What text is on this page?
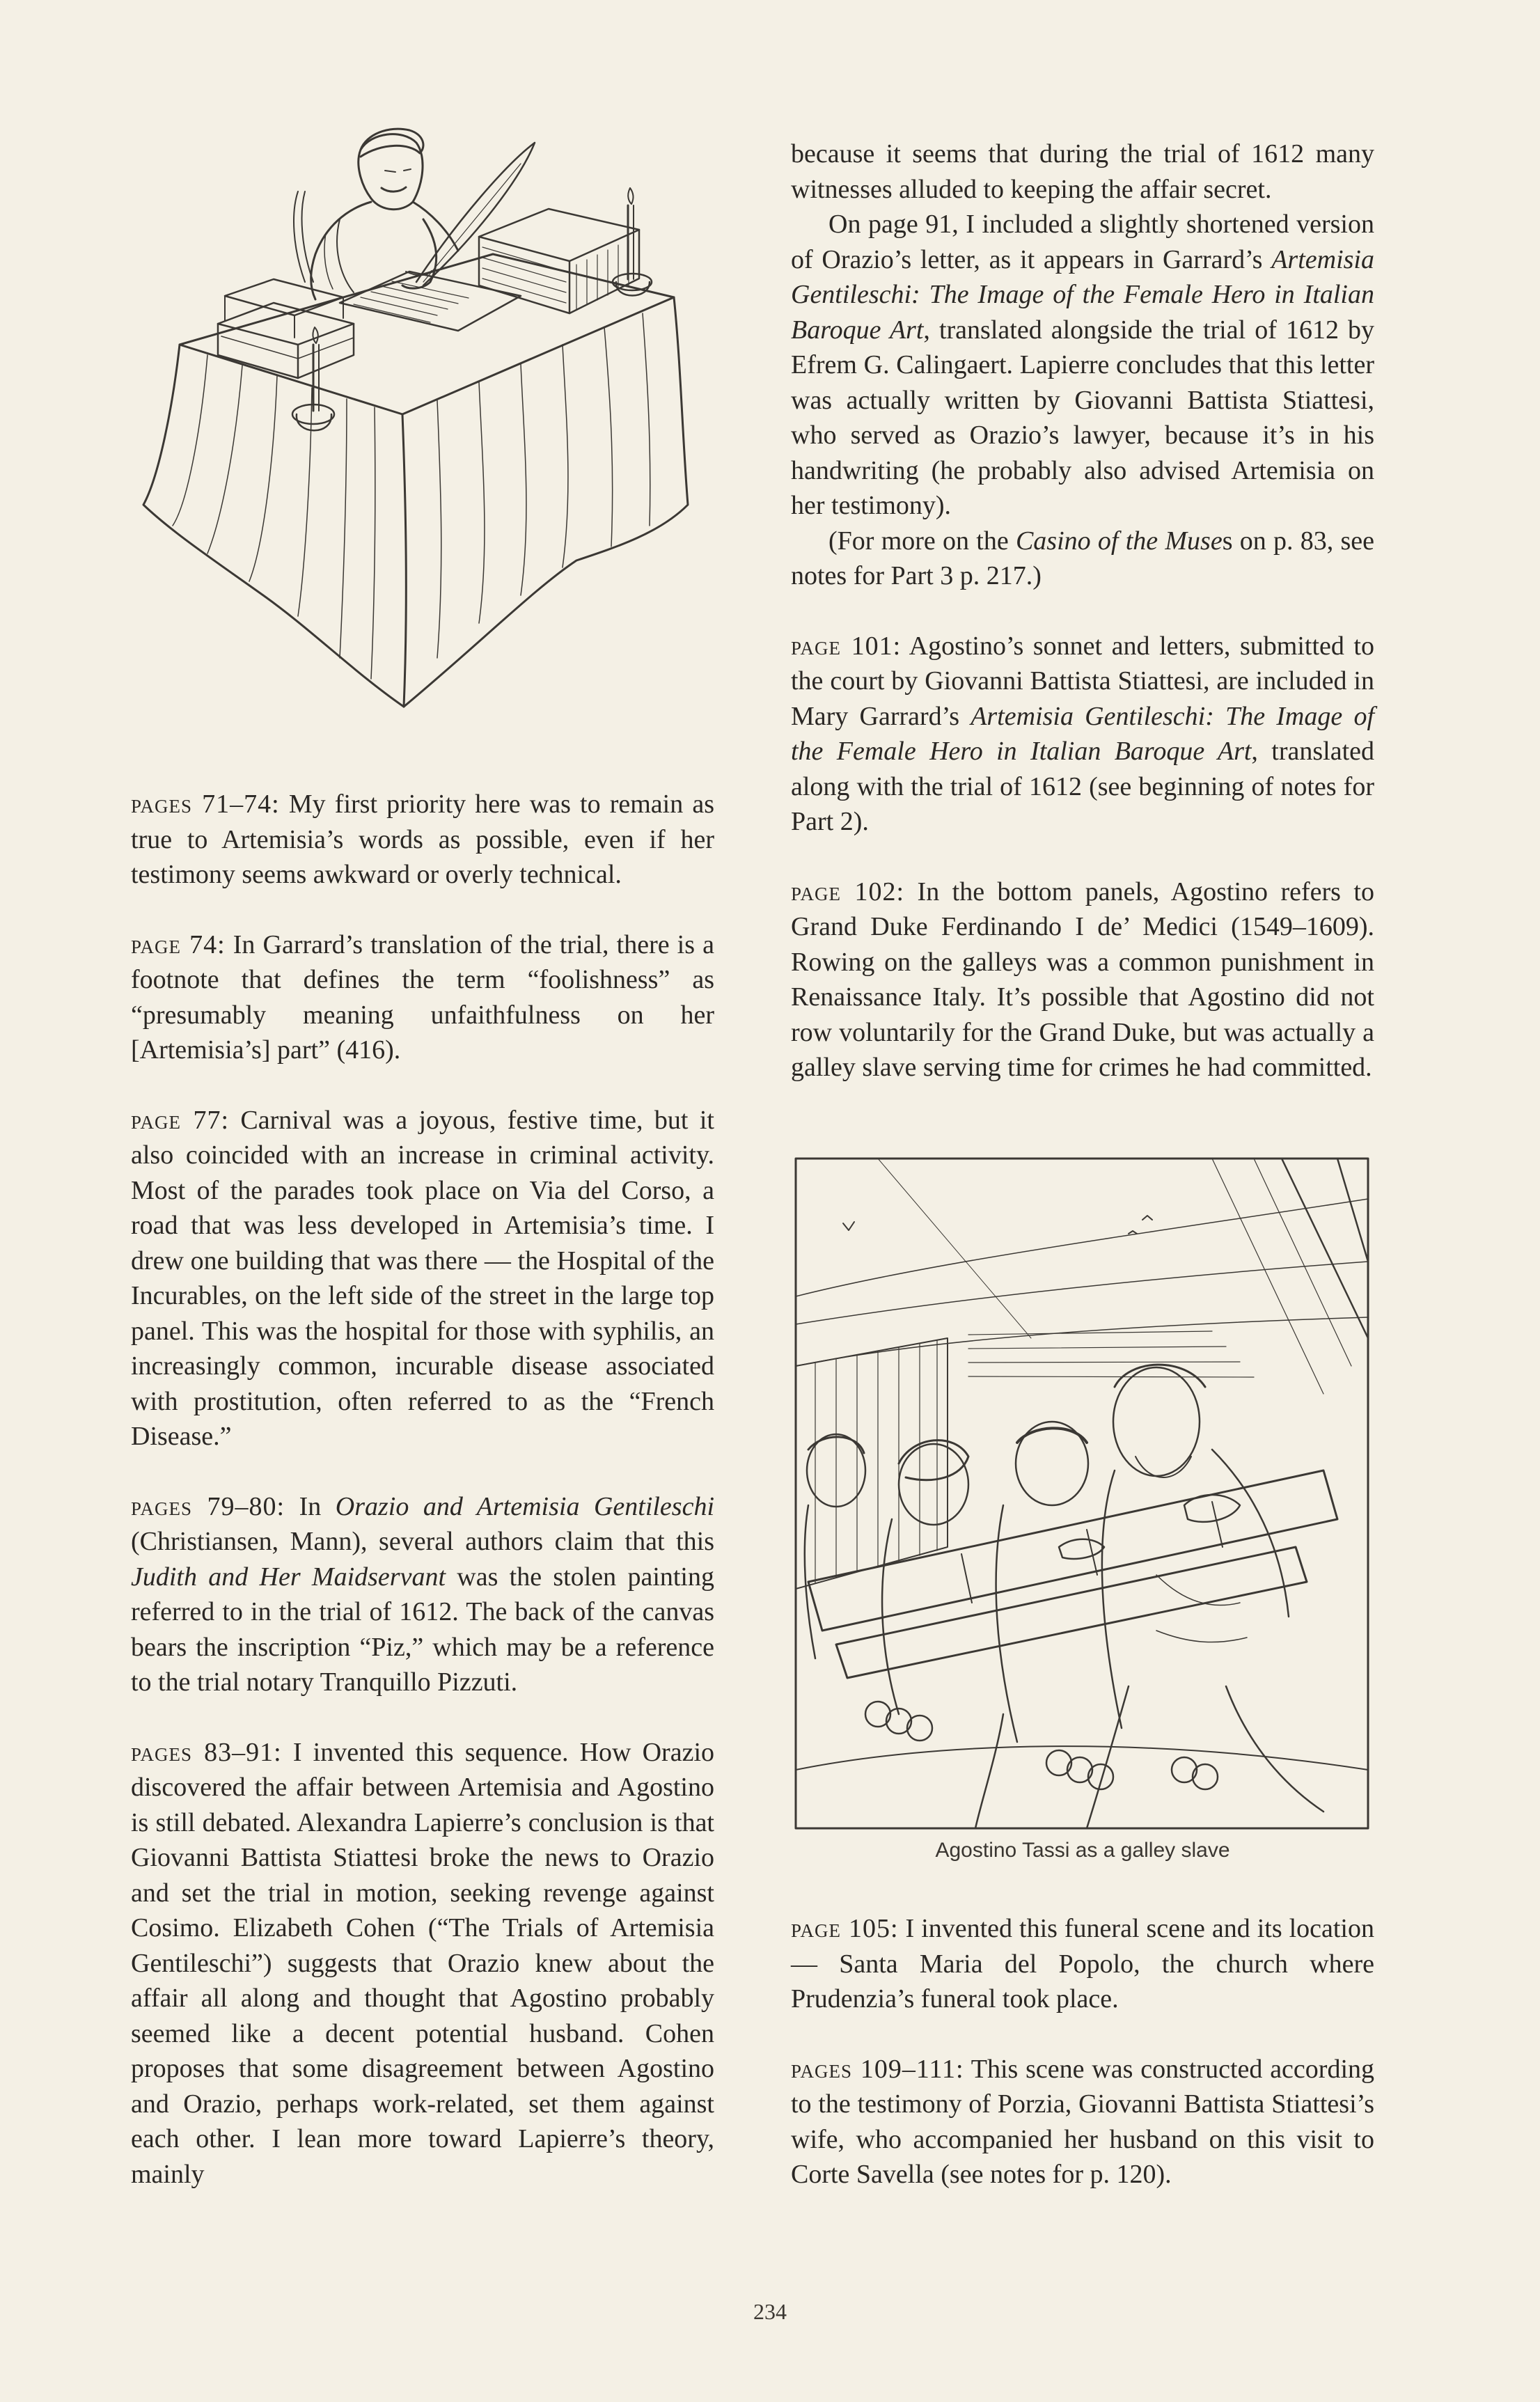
pages 71–74: My first priority here was to remain as true to Artemisia’s words as possible, even if her testimony seems awkward or overly technical.

page 74: In Garrard’s translation of the trial, there is a footnote that defines the term “foolishness” as “presumably meaning unfaithfulness on her [Artemisia’s] part” (416).

page 77: Carnival was a joyous, festive time, but it also coincided with an increase in criminal activity. Most of the parades took place on Via del Corso, a road that was less developed in Artemisia’s time. I drew one building that was there — the Hospital of the Incurables, on the left side of the street in the large top panel. This was the hospital for those with syphilis, an increasingly common, incurable disease associated with prostitution, often referred to as the “French Disease.”

pages 79–80: In Orazio and Artemisia Gentileschi (Christiansen, Mann), several authors claim that this Judith and Her Maidservant was the stolen painting referred to in the trial of 1612. The back of the canvas bears the inscription “Piz,” which may be a reference to the trial notary Tranquillo Pizzuti.

pages 83–91: I invented this sequence. How Orazio discovered the affair between Artemisia and Agostino is still debated. Alexandra Lapierre’s conclusion is that Giovanni Battista Stiattesi broke the news to Orazio and set the trial in motion, seeking revenge against Cosimo. Elizabeth Cohen (“The Trials of Artemisia Gentileschi”) suggests that Orazio knew about the affair all along and thought that Agostino probably seemed like a decent potential husband. Cohen proposes that some disagreement between Agostino and Orazio, perhaps work-related, set them against each other. I lean more toward Lapierre’s theory, mainly

because it seems that during the trial of 1612 many witnesses alluded to keeping the affair secret.

On page 91, I included a slightly shortened version of Orazio’s letter, as it appears in Garrard’s Artemisia Gentileschi: The Image of the Female Hero in Italian Baroque Art, translated alongside the trial of 1612 by Efrem G. Calingaert. Lapierre concludes that this letter was actually written by Giovanni Battista Stiattesi, who served as Orazio’s lawyer, because it’s in his handwriting (he probably also advised Artemisia on her testimony).

(For more on the Casino of the Muses on p. 83, see notes for Part 3 p. 217.)

page 101: Agostino’s sonnet and letters, submitted to the court by Giovanni Battista Stiattesi, are included in Mary Garrard’s Artemisia Gentileschi: The Image of the Female Hero in Italian Baroque Art, translated along with the trial of 1612 (see beginning of notes for Part 2).

page 102: In the bottom panels, Agostino refers to Grand Duke Ferdinando I de’ Medici (1549–1609). Rowing on the galleys was a common punishment in Renaissance Italy. It’s possible that Agostino did not row voluntarily for the Grand Duke, but was actually a galley slave serving time for crimes he had committed.

Agostino Tassi as a galley slave

page 105: I invented this funeral scene and its location — Santa Maria del Popolo, the church where Prudenzia’s funeral took place.

pages 109–111: This scene was constructed according to the testimony of Porzia, Giovanni Battista Stiattesi’s wife, who accompanied her husband on this visit to Corte Savella (see notes for p. 120).

234
